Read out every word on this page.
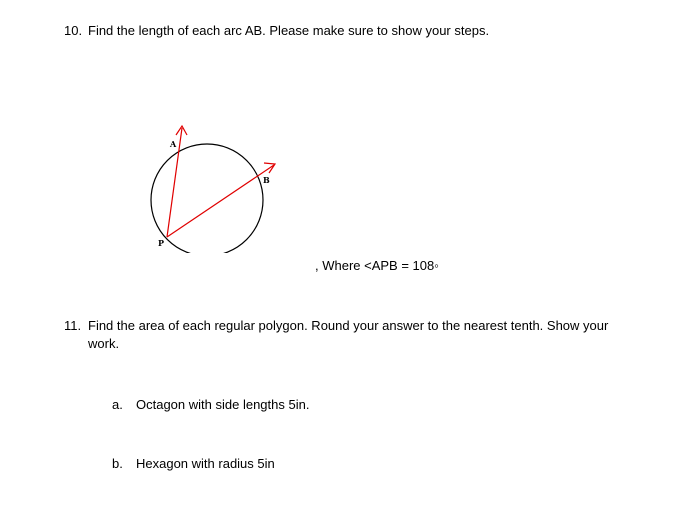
10. Find the length of each arc AB. Please make sure to show your steps.
A
B
P
, Where <APB = 108◦
11. Find the area of each regular polygon. Round your answer to the nearest tenth. Show your
work.
a. Octagon with side lengths 5in.
b. Hexagon with radius 5in
